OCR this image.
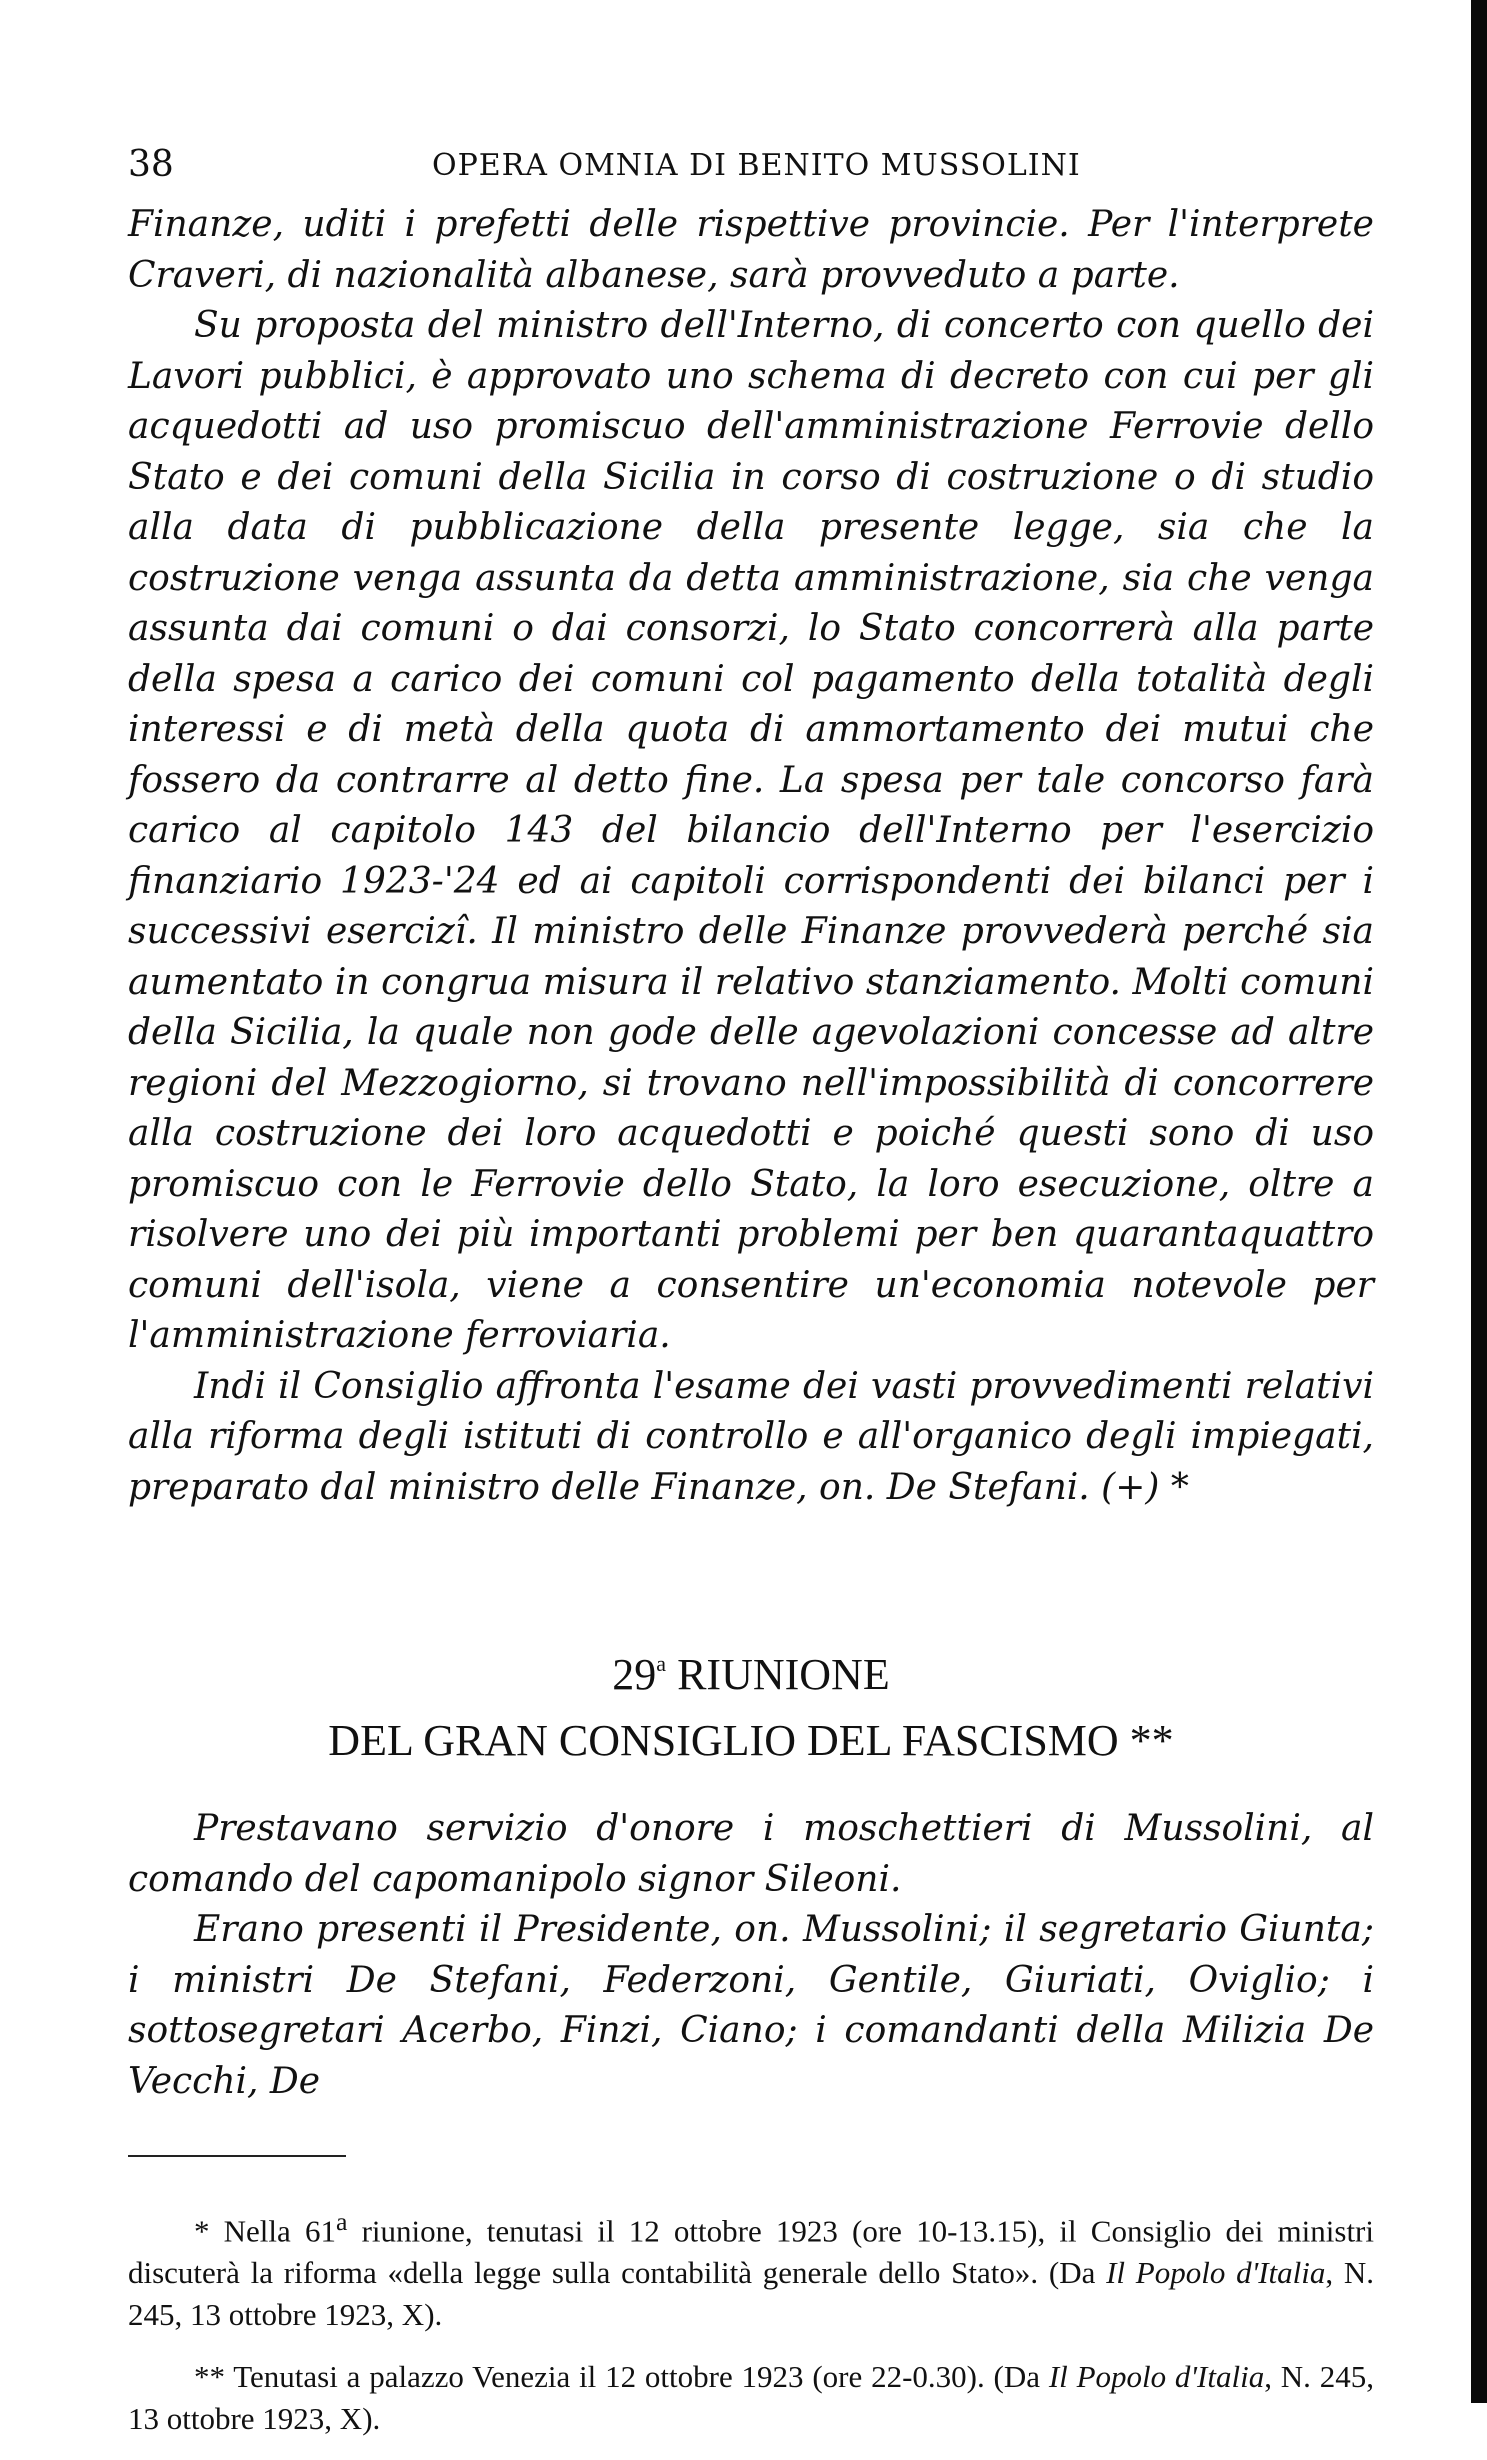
38	OPERA OMNIA DI BENITO MUSSOLINI

Finanze, uditi i prefetti delle rispettive provincie. Per l'interprete Craveri, di nazionalità albanese, sarà provveduto a parte.

Su proposta del ministro dell'Interno, di concerto con quello dei Lavori pubblici, è approvato uno schema di decreto con cui per gli acquedotti ad uso promiscuo dell'amministrazione Ferrovie dello Stato e dei comuni della Sicilia in corso di costruzione o di studio alla data di pubblicazione della presente legge, sia che la costruzione venga assunta da detta amministrazione, sia che venga assunta dai comuni o dai consorzi, lo Stato concorrerà alla parte della spesa a carico dei comuni col pagamento della totalità degli interessi e di metà della quota di ammortamento dei mutui che fossero da contrarre al detto fine. La spesa per tale concorso farà carico al capitolo 143 del bilancio dell'Interno per l'esercizio finanziario 1923-'24 ed ai capitoli corrispondenti dei bilanci per i successivi esercizî. Il ministro delle Finanze provvederà perché sia aumentato in congrua misura il relativo stanziamento. Molti comuni della Sicilia, la quale non gode delle agevolazioni concesse ad altre regioni del Mezzogiorno, si trovano nell'impossibilità di concorrere alla costruzione dei loro acquedotti e poiché questi sono di uso promiscuo con le Ferrovie dello Stato, la loro esecuzione, oltre a risolvere uno dei più importanti problemi per ben quarantaquattro comuni dell'isola, viene a consentire un'economia notevole per l'amministrazione ferroviaria.

Indi il Consiglio affronta l'esame dei vasti provvedimenti relativi alla riforma degli istituti di controllo e all'organico degli impiegati, preparato dal ministro delle Finanze, on. De Stefani. (+) *

29$^a$ RIUNIONE
DEL GRAN CONSIGLIO DEL FASCISMO **

Prestavano servizio d'onore i moschettieri di Mussolini, al comando del capomanipolo signor Sileoni.

Erano presenti il Presidente, on. Mussolini; il segretario Giunta; i ministri De Stefani, Federzoni, Gentile, Giuriati, Oviglio; i sottosegretari Acerbo, Finzi, Ciano; i comandanti della Milizia De Vecchi, De

* Nella 61$^a$ riunione, tenutasi il 12 ottobre 1923 (ore 10-13.15), il Consiglio dei ministri discuterà la riforma «della legge sulla contabilità generale dello Stato». (Da Il Popolo d'Italia, N. 245, 13 ottobre 1923, X).

** Tenutasi a palazzo Venezia il 12 ottobre 1923 (ore 22-0.30). (Da Il Popolo d'Italia, N. 245, 13 ottobre 1923, X).
